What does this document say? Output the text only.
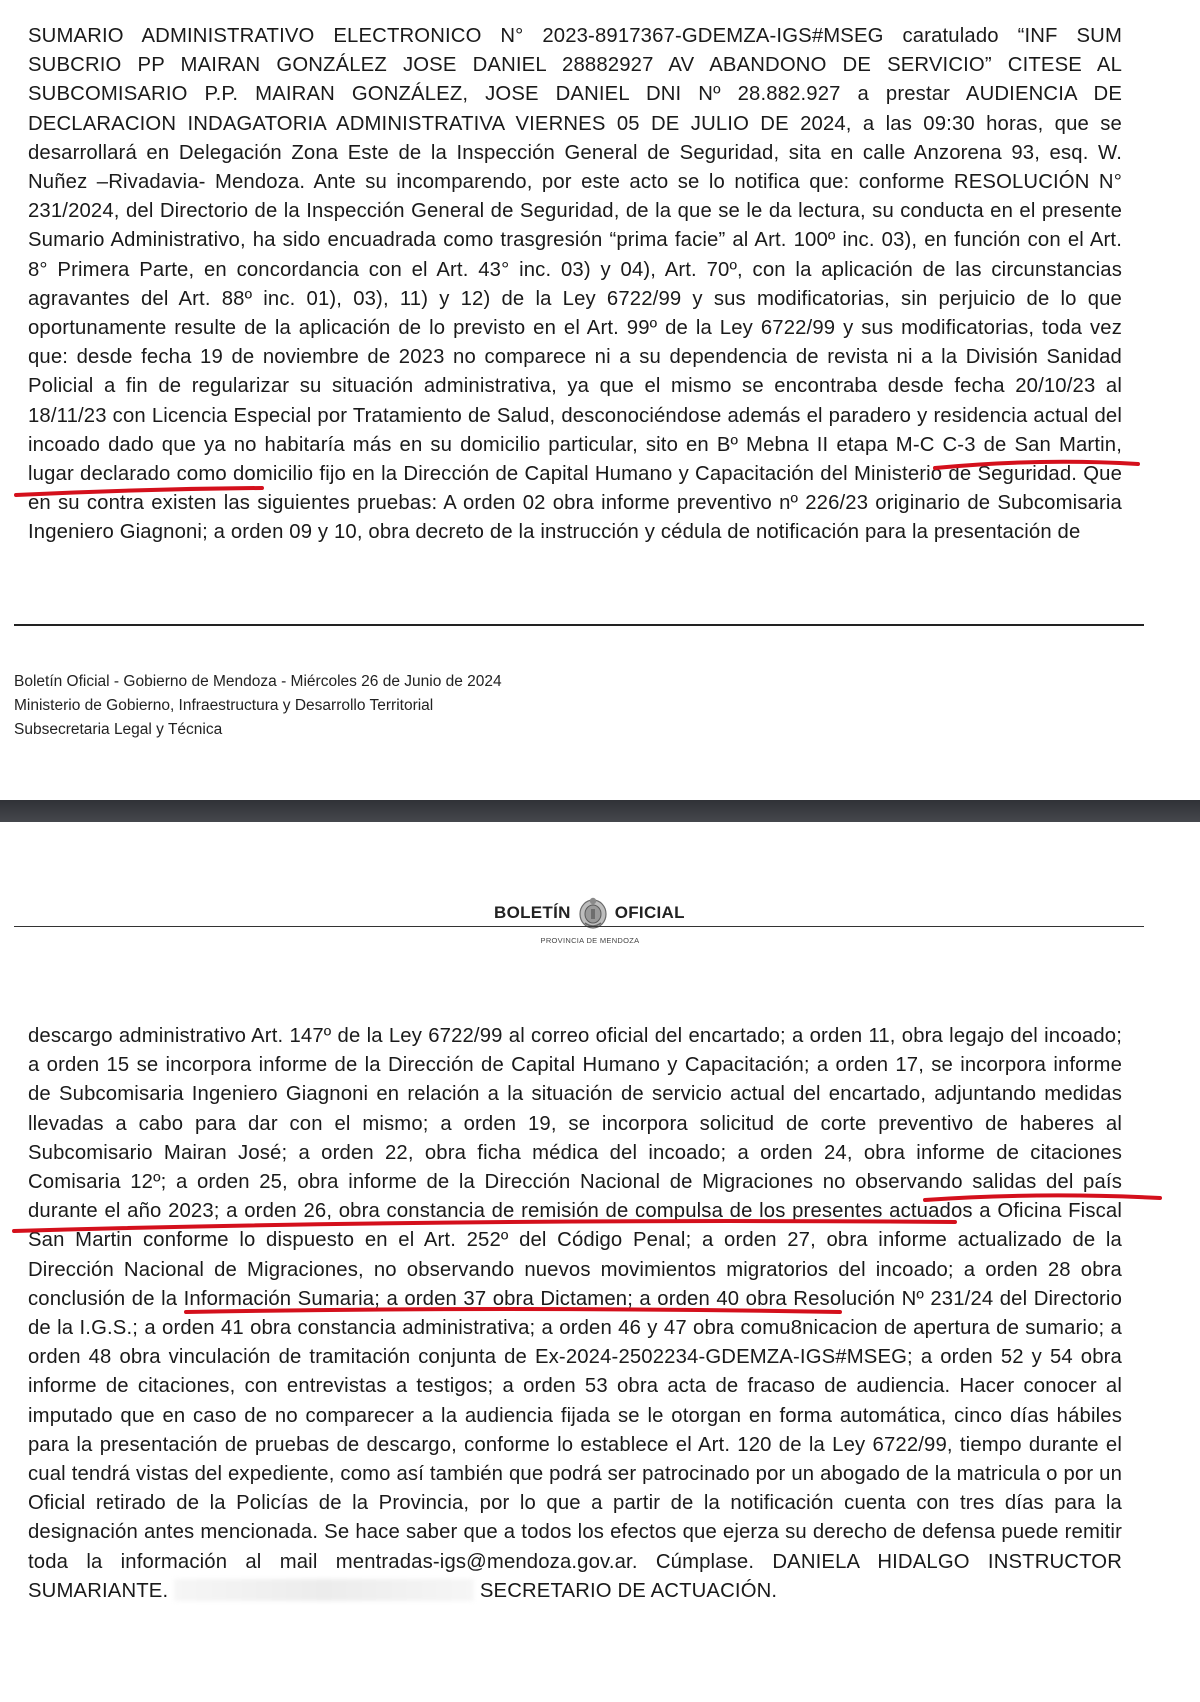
SUMARIO ADMINISTRATIVO ELECTRONICO N° 2023-8917367-GDEMZA-IGS#MSEG caratulado “INF SUM SUBCRIO PP MAIRAN GONZÁLEZ JOSE DANIEL 28882927 AV ABANDONO DE SERVICIO” CITESE AL SUBCOMISARIO P.P. MAIRAN GONZÁLEZ, JOSE DANIEL DNI Nº 28.882.927 a prestar AUDIENCIA DE DECLARACION INDAGATORIA ADMINISTRATIVA VIERNES 05 DE JULIO DE 2024, a las 09:30 horas, que se desarrollará en Delegación Zona Este de la Inspección General de Seguridad, sita en calle Anzorena 93, esq. W. Nuñez –Rivadavia- Mendoza. Ante su incomparendo, por este acto se lo notifica que: conforme RESOLUCIÓN N° 231/2024, del Directorio de la Inspección General de Seguridad, de la que se le da lectura, su conducta en el presente Sumario Administrativo, ha sido encuadrada como trasgresión “prima facie” al Art. 100º inc. 03), en función con el Art. 8° Primera Parte, en concordancia con el Art. 43° inc. 03) y 04), Art. 70º, con la aplicación de las circunstancias agravantes del Art. 88º inc. 01), 03), 11) y 12) de la Ley 6722/99 y sus modificatorias, sin perjuicio de lo que oportunamente resulte de la aplicación de lo previsto en el Art. 99º de la Ley 6722/99 y sus modificatorias, toda vez que: desde fecha 19 de noviembre de 2023 no comparece ni a su dependencia de revista ni a la División Sanidad Policial a fin de regularizar su situación administrativa, ya que el mismo se encontraba desde fecha 20/10/23 al 18/11/23 con Licencia Especial por Tratamiento de Salud, desconociéndose además el paradero y residencia actual del incoado dado que ya no habitaría más en su domicilio particular, sito en Bº Mebna II etapa M-C C-3 de San Martin, lugar declarado como domicilio fijo en la Dirección de Capital Humano y Capacitación del Ministerio de Seguridad. Que en su contra existen las siguientes pruebas: A orden 02 obra informe preventivo nº 226/23 originario de Subcomisaria Ingeniero Giagnoni; a orden 09 y 10, obra decreto de la instrucción y cédula de notificación para la presentación de

Boletín Oficial - Gobierno de Mendoza - Miércoles 26 de Junio de 2024
Ministerio de Gobierno, Infraestructura y Desarrollo Territorial
Subsecretaria Legal y Técnica
BOLETÍN	OFICIAL
PROVINCIA DE MENDOZA

descargo administrativo Art. 147º de la Ley 6722/99 al correo oficial del encartado; a orden 11, obra legajo del incoado; a orden 15 se incorpora informe de la Dirección de Capital Humano y Capacitación; a orden 17, se incorpora informe de Subcomisaria Ingeniero Giagnoni en relación a la situación de servicio actual del encartado, adjuntando medidas llevadas a cabo para dar con el mismo; a orden 19, se incorpora solicitud de corte preventivo de haberes al Subcomisario Mairan José; a orden 22, obra ficha médica del incoado; a orden 24, obra informe de citaciones Comisaria 12º; a orden 25, obra informe de la Dirección Nacional de Migraciones no observando salidas del país durante el año 2023; a orden 26, obra constancia de remisión de compulsa de los presentes actuados a Oficina Fiscal San Martin conforme lo dispuesto en el Art. 252º del Código Penal; a orden 27, obra informe actualizado de la Dirección Nacional de Migraciones, no observando nuevos movimientos migratorios del incoado; a orden 28 obra conclusión de la Información Sumaria; a orden 37 obra Dictamen; a orden 40 obra Resolución Nº 231/24 del Directorio de la I.G.S.; a orden 41 obra constancia administrativa; a orden 46 y 47 obra comu8nicacion de apertura de sumario; a orden 48 obra vinculación de tramitación conjunta de Ex-2024-2502234-GDEMZA-IGS#MSEG; a orden 52 y 54 obra informe de citaciones, con entrevistas a testigos; a orden 53 obra acta de fracaso de audiencia. Hacer conocer al imputado que en caso de no comparecer a la audiencia fijada se le otorgan en forma automática, cinco días hábiles para la presentación de pruebas de descargo, conforme lo establece el Art. 120 de la Ley 6722/99, tiempo durante el cual tendrá vistas del expediente, como así también que podrá ser patrocinado por un abogado de la matricula o por un Oficial retirado de la Policías de la Provincia, por lo que a partir de la notificación cuenta con tres días para la designación antes mencionada. Se hace saber que a todos los efectos que ejerza su derecho de defensa puede remitir toda la información al mail mentradas-igs@mendoza.gov.ar. Cúmplase. DANIELA HIDALGO INSTRUCTOR SUMARIANTE.	SECRETARIO DE ACTUACIÓN.
